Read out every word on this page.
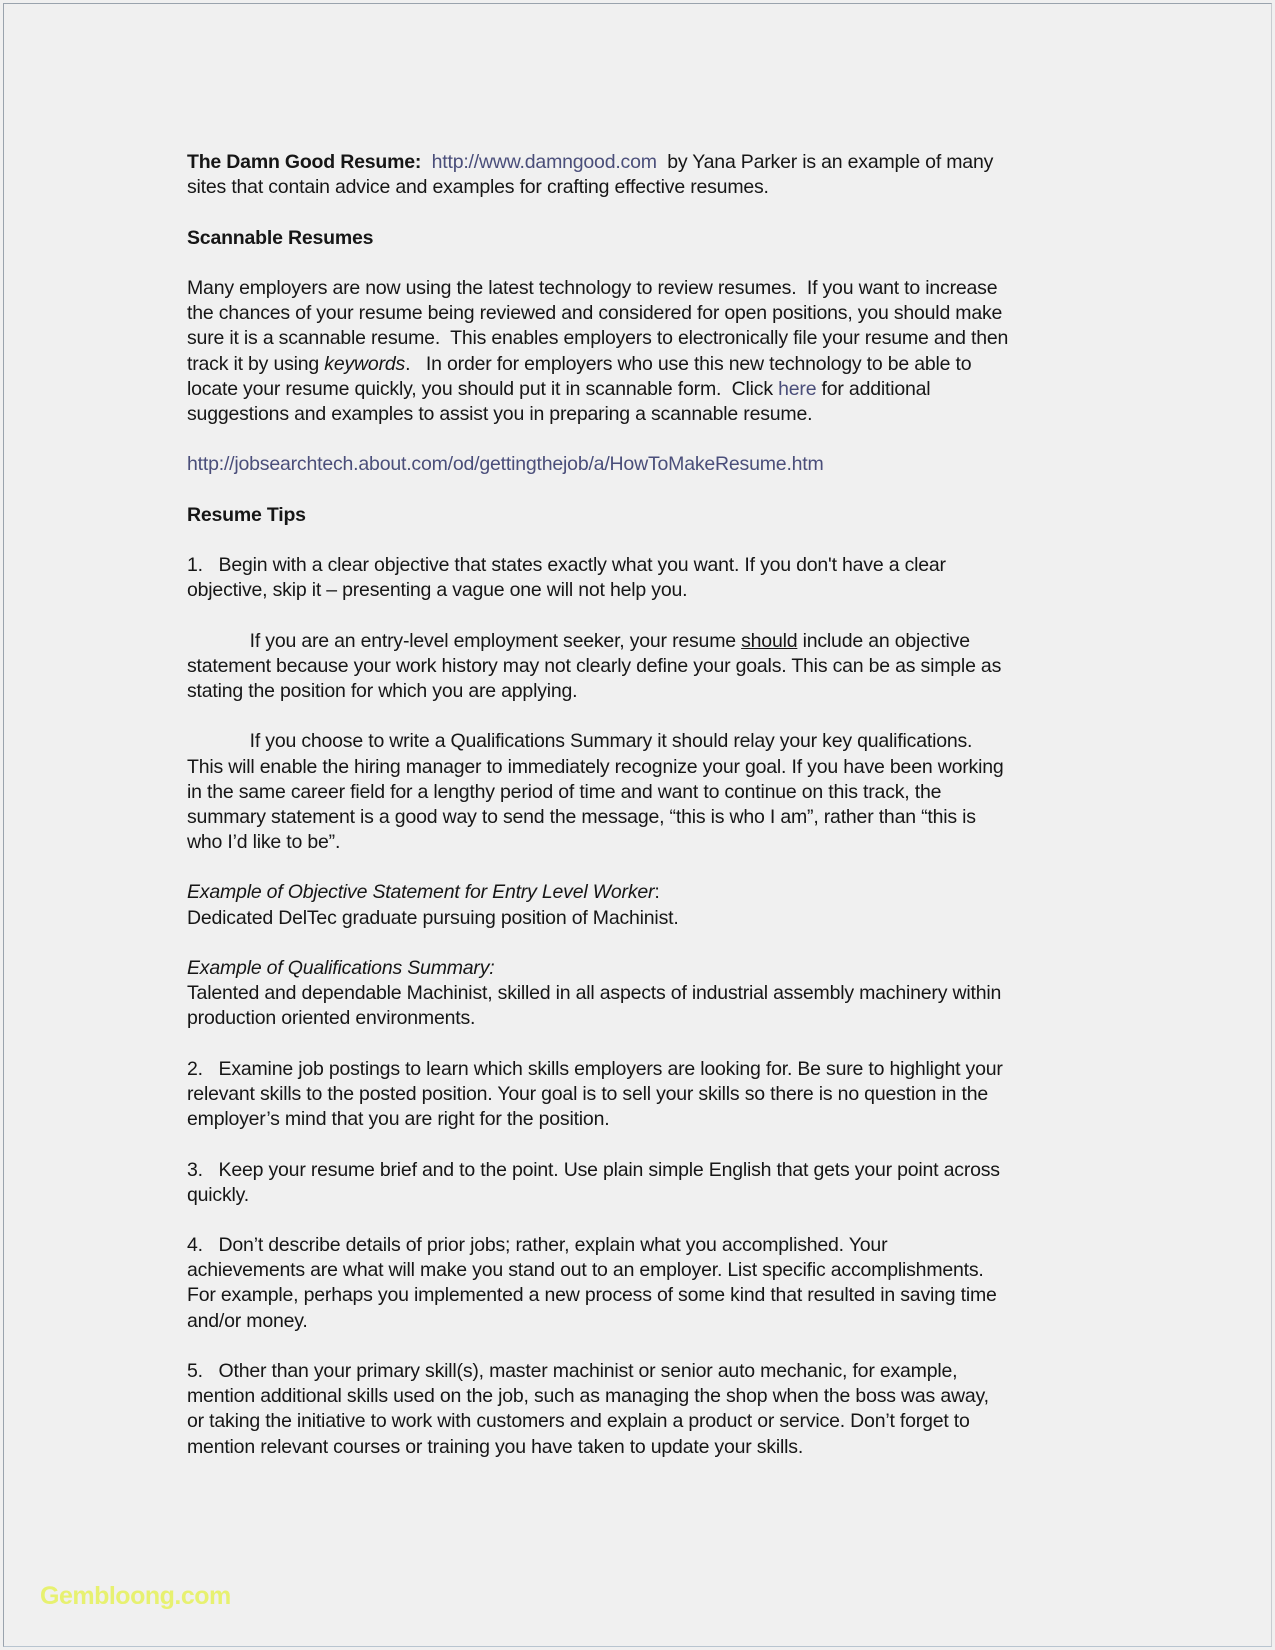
The Damn Good Resume: http://www.damngood.com  by Yana Parker is an example of many
sites that contain advice and examples for crafting effective resumes.
Scannable Resumes
Many employers are now using the latest technology to review resumes.  If you want to increase
the chances of your resume being reviewed and considered for open positions, you should make
sure it is a scannable resume.  This enables employers to electronically file your resume and then
track it by using keywords.   In order for employers who use this new technology to be able to
locate your resume quickly, you should put it in scannable form.  Click here for additional
suggestions and examples to assist you in preparing a scannable resume.
http://jobsearchtech.about.com/od/gettingthejob/a/HowToMakeResume.htm
Resume Tips
1.   Begin with a clear objective that states exactly what you want. If you don't have a clear
objective, skip it – presenting a vague one will not help you.
If you are an entry-level employment seeker, your resume should include an objective
statement because your work history may not clearly define your goals. This can be as simple as
stating the position for which you are applying.
If you choose to write a Qualifications Summary it should relay your key qualifications.
This will enable the hiring manager to immediately recognize your goal. If you have been working
in the same career field for a lengthy period of time and want to continue on this track, the
summary statement is a good way to send the message, “this is who I am”, rather than “this is
who I’d like to be”.
Example of Objective Statement for Entry Level Worker:
Dedicated DelTec graduate pursuing position of Machinist.
Example of Qualifications Summary:
Talented and dependable Machinist, skilled in all aspects of industrial assembly machinery within
production oriented environments.
2.   Examine job postings to learn which skills employers are looking for. Be sure to highlight your
relevant skills to the posted position. Your goal is to sell your skills so there is no question in the
employer’s mind that you are right for the position.
3.   Keep your resume brief and to the point. Use plain simple English that gets your point across
quickly.
4.   Don’t describe details of prior jobs; rather, explain what you accomplished. Your
achievements are what will make you stand out to an employer. List specific accomplishments.
For example, perhaps you implemented a new process of some kind that resulted in saving time
and/or money.
5.   Other than your primary skill(s), master machinist or senior auto mechanic, for example,
mention additional skills used on the job, such as managing the shop when the boss was away,
or taking the initiative to work with customers and explain a product or service. Don’t forget to
mention relevant courses or training you have taken to update your skills.
Gembloong.com
